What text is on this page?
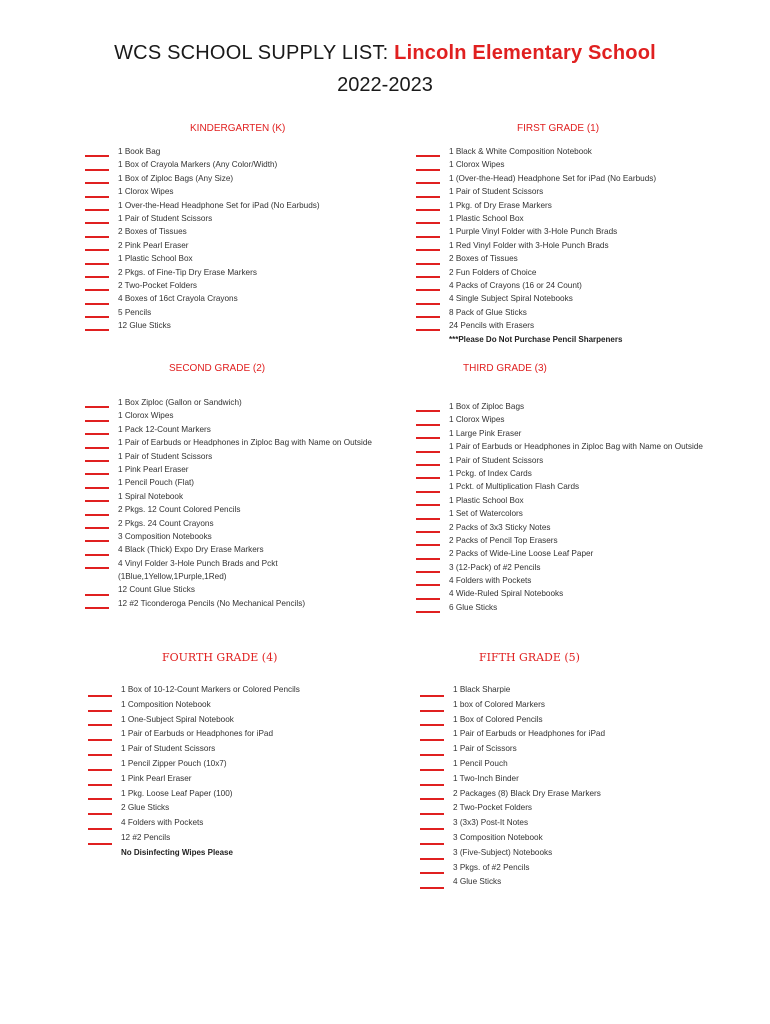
WCS SCHOOL SUPPLY LIST: Lincoln Elementary School
2022-2023
KINDERGARTEN (K)
1 Book Bag
1 Box of Crayola Markers (Any Color/Width)
1 Box of Ziploc Bags (Any Size)
1 Clorox Wipes
1 Over-the-Head Headphone Set for iPad (No Earbuds)
1 Pair of Student Scissors
2 Boxes of Tissues
2 Pink Pearl Eraser
1 Plastic School Box
2 Pkgs. of Fine-Tip Dry Erase Markers
2 Two-Pocket Folders
4 Boxes of 16ct Crayola Crayons
5 Pencils
12 Glue Sticks
FIRST GRADE (1)
1 Black & White Composition Notebook
1 Clorox Wipes
1 (Over-the-Head) Headphone Set for iPad (No Earbuds)
1 Pair of Student Scissors
1 Pkg. of Dry Erase Markers
1 Plastic School Box
1 Purple Vinyl Folder with 3-Hole Punch Brads
1 Red Vinyl Folder with 3-Hole Punch Brads
2 Boxes of Tissues
2 Fun Folders of Choice
4 Packs of Crayons (16 or 24 Count)
4 Single Subject Spiral Notebooks
8 Pack of Glue Sticks
24 Pencils with Erasers
***Please Do Not Purchase Pencil Sharpeners
SECOND GRADE (2)
1 Box Ziploc (Gallon or Sandwich)
1 Clorox Wipes
1 Pack 12-Count Markers
1 Pair of Earbuds or Headphones in Ziploc Bag with Name on Outside
1 Pair of Student Scissors
1 Pink Pearl Eraser
1 Pencil Pouch (Flat)
1 Spiral Notebook
2 Pkgs. 12 Count Colored Pencils
2 Pkgs. 24 Count Crayons
3 Composition Notebooks
4 Black (Thick) Expo Dry Erase Markers
4 Vinyl Folder 3-Hole Punch Brads and Pckt
(1Blue,1Yellow,1Purple,1Red)
12 Count Glue Sticks
12 #2 Ticonderoga Pencils (No Mechanical Pencils)
THIRD GRADE (3)
1 Box of Ziploc Bags
1 Clorox Wipes
1 Large Pink Eraser
1 Pair of Earbuds or Headphones in Ziploc Bag with Name on Outside
1 Pair of Student Scissors
1 Pckg. of Index Cards
1 Pckt. of Multiplication Flash Cards
1 Plastic School Box
1 Set of Watercolors
2 Packs of 3x3 Sticky Notes
2 Packs of Pencil Top Erasers
2 Packs of Wide-Line Loose Leaf Paper
3 (12-Pack) of #2 Pencils
4 Folders with Pockets
4 Wide-Ruled Spiral Notebooks
6 Glue Sticks
FOURTH GRADE (4)
1 Box of 10-12-Count Markers or Colored Pencils
1 Composition Notebook
1 One-Subject Spiral Notebook
1 Pair of Earbuds or Headphones for iPad
1 Pair of Student Scissors
1 Pencil Zipper Pouch (10x7)
1 Pink Pearl Eraser
1 Pkg. Loose Leaf Paper (100)
2 Glue Sticks
4 Folders with Pockets
12 #2 Pencils
No Disinfecting Wipes Please
FIFTH GRADE (5)
1 Black Sharpie
1 box of Colored Markers
1 Box of Colored Pencils
1 Pair of Earbuds or Headphones for iPad
1 Pair of Scissors
1 Pencil Pouch
1 Two-Inch Binder
2 Packages (8) Black Dry Erase Markers
2 Two-Pocket Folders
3 (3x3) Post-It Notes
3 Composition Notebook
3 (Five-Subject) Notebooks
3 Pkgs. of #2 Pencils
4 Glue Sticks
